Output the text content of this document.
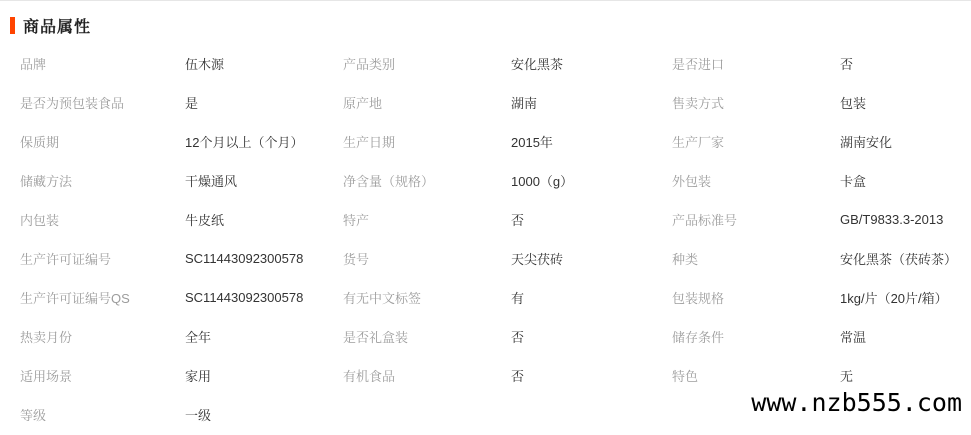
商品属性
品牌	伍木源	产品类别	安化黑茶	是否进口	否
是否为预包装食品	是	原产地	湖南	售卖方式	包装
保质期	12个月以上（个月）	生产日期	2015年	生产厂家	湖南安化
储藏方法	干燥通风	净含量（规格）	1000（g）	外包装	卡盒
内包装	牛皮纸	特产	否	产品标准号	GB/T9833.3-2013
生产许可证编号	SC11443092300578	货号	天尖茯砖	种类	安化黑茶（茯砖茶）
生产许可证编号QS	SC11443092300578	有无中文标签	有	包装规格	1kg/片（20片/箱）
热卖月份	全年	是否礼盒装	否	储存条件	常温
适用场景	家用	有机食品	否	特色	无
等级	一级	www.nzb555.com
